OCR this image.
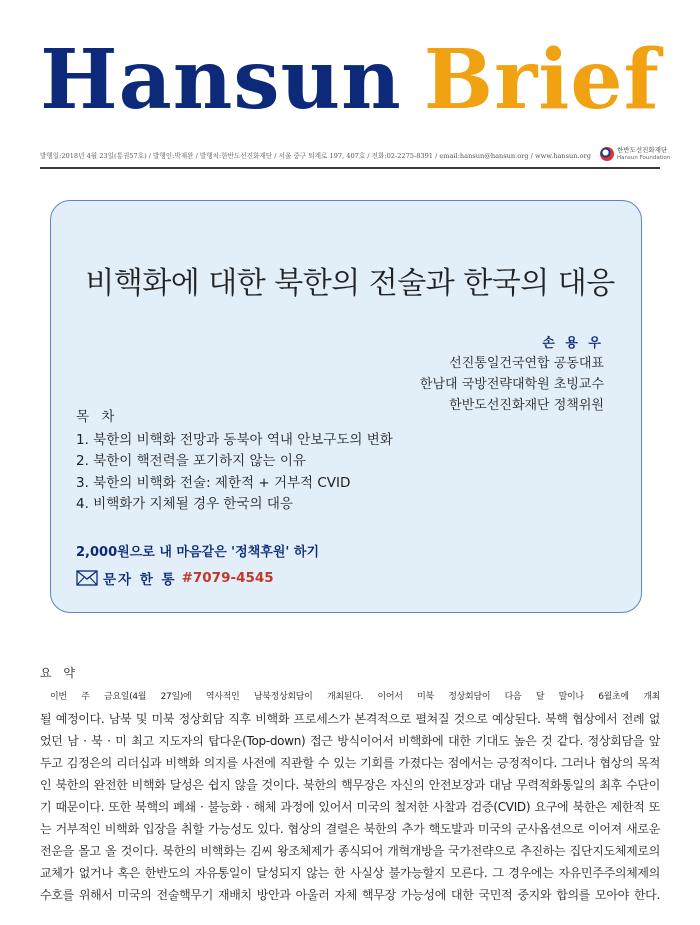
Hansun Brief
발행일:2018년 4월 23일(통권57호) / 발행인:박재완 / 발행처:한반도선진화재단 / 서울 중구 퇴계로 197, 407호 / 전화:02-2275-8391 / email:hansun@hansun.org / www.hansun.org
한반도선진화재단
Hansun Foundation
비핵화에 대한 북한의 전술과 한국의 대응
손 용 우
선진통일건국연합 공동대표
한남대 국방전략대학원 초빙교수
한반도선진화재단 정책위원
목 차
1. 북한의 비핵화 전망과 동북아 역내 안보구도의 변화
2. 북한이 핵전력을 포기하지 않는 이유
3. 북한의 비핵화 전술: 제한적 + 거부적 CVID
4. 비핵화가 지체될 경우 한국의 대응
2,000원으로 내 마음같은 '정책후원' 하기
문자 한 통 #7079-4545
요 약
이번 주 금요일(4월 27일)에 역사적인 남북정상회담이 개최된다. 이어서 미북 정상회담이 다음 달 말이나 6월초에 개최
될 예정이다. 남북 및 미북 정상회담 직후 비핵화 프로세스가 본격적으로 펼쳐질 것으로 예상된다. 북핵 협상에서 전례 없
었던 남 · 북 · 미 최고 지도자의 탑다운(Top-down) 접근 방식이어서 비핵화에 대한 기대도 높은 것 같다. 정상회담을 앞
두고 김정은의 리더십과 비핵화 의지를 사전에 직관할 수 있는 기회를 가졌다는 점에서는 긍정적이다. 그러나 협상의 목적
인 북한의 완전한 비핵화 달성은 쉽지 않을 것이다. 북한의 핵무장은 자신의 안전보장과 대남 무력적화통일의 최후 수단이
기 때문이다. 또한 북핵의 폐쇄 · 불능화 · 해체 과정에 있어서 미국의 철저한 사찰과 검증(CVID) 요구에 북한은 제한적 또
는 거부적인 비핵화 입장을 취할 가능성도 있다. 협상의 결렬은 북한의 추가 핵도발과 미국의 군사옵션으로 이어져 새로운
전운을 몰고 올 것이다. 북한의 비핵화는 김씨 왕조체제가 종식되어 개혁개방을 국가전략으로 추진하는 집단지도체제로의
교체가 없거나 혹은 한반도의 자유통일이 달성되지 않는 한 사실상 불가능할지 모른다. 그 경우에는 자유민주주의체제의
수호를 위해서 미국의 전술핵무기 재배치 방안과 아울러 자체 핵무장 가능성에 대한 국민적 중지와 합의를 모아야 한다.
